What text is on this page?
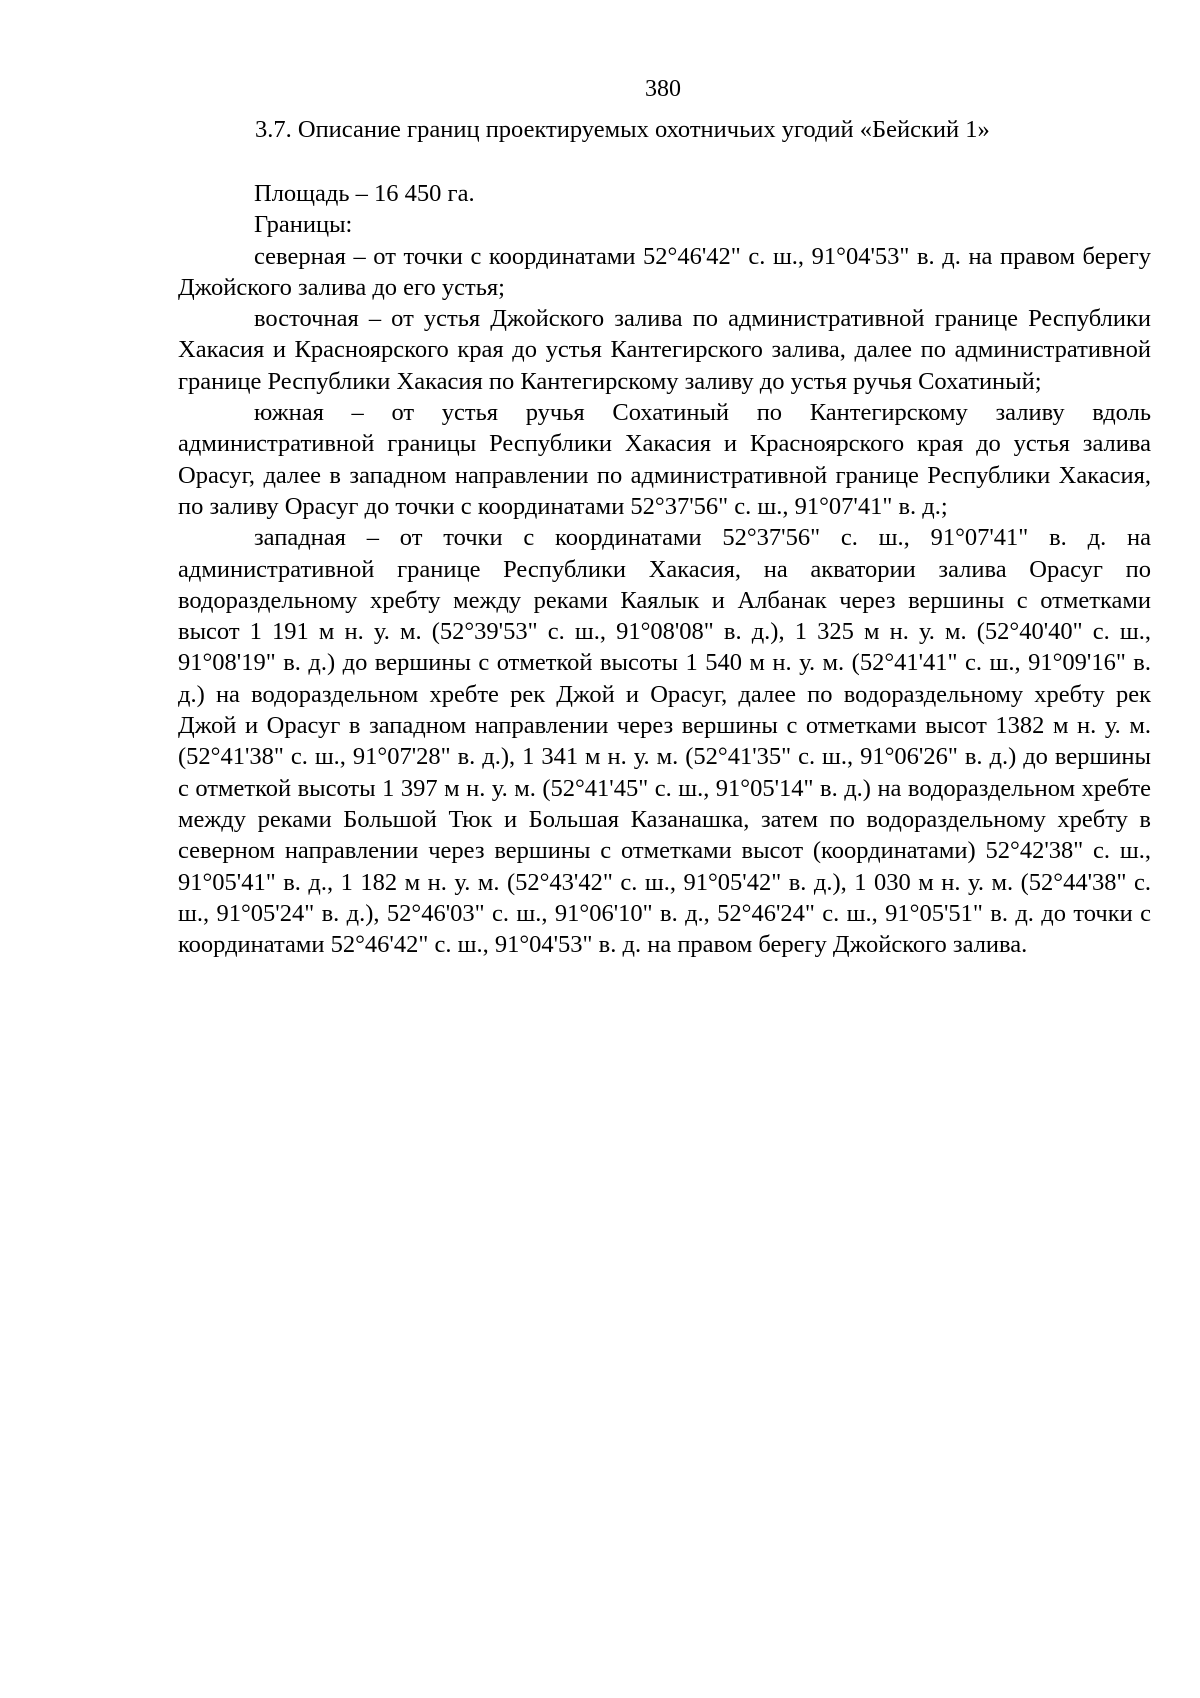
380
3.7. Описание границ проектируемых охотничьих угодий «Бейский 1»

Площадь – 16 450 га.

Границы:

северная – от точки с координатами 52°46'42" с. ш., 91°04'53" в. д. на правом берегу Джойского залива до его устья;

восточная – от устья Джойского залива по административной границе Республики Хакасия и Красноярского края до устья Кантегирского залива, далее по административной границе Республики Хакасия по Кантегирскому заливу до устья ручья Сохатиный;

южная – от устья ручья Сохатиный по Кантегирскому заливу вдоль административной границы Республики Хакасия и Красноярского края до устья залива Орасуг, далее в западном направлении по административной границе Республики Хакасия, по заливу Орасуг до точки с координатами 52°37'56" с. ш., 91°07'41" в. д.;

западная – от точки с координатами 52°37'56" с. ш., 91°07'41" в. д. на административной границе Республики Хакасия, на акватории залива Орасуг по водораздельному хребту между реками Каялык и Албанак через вершины с отметками высот 1 191 м н. у. м. (52°39'53" с. ш., 91°08'08" в. д.), 1 325 м н. у. м. (52°40'40" с. ш., 91°08'19" в. д.) до вершины с отметкой высоты 1 540 м н. у. м. (52°41'41" с. ш., 91°09'16" в. д.) на водораздельном хребте рек Джой и Орасуг, далее по водораздельному хребту рек Джой и Орасуг в западном направлении через вершины с отметками высот 1382 м н. у. м. (52°41'38" с. ш., 91°07'28" в. д.), 1 341 м н. у. м. (52°41'35" с. ш., 91°06'26" в. д.) до вершины с отметкой высоты 1 397 м н. у. м. (52°41'45" с. ш., 91°05'14" в. д.) на водораздельном хребте между реками Большой Тюк и Большая Казанашка, затем по водораздельному хребту в северном направлении через вершины с отметками высот (координатами) 52°42'38" с. ш., 91°05'41" в. д., 1 182 м н. у. м. (52°43'42" с. ш., 91°05'42" в. д.), 1 030 м н. у. м. (52°44'38" с. ш., 91°05'24" в. д.), 52°46'03" с. ш., 91°06'10" в. д., 52°46'24" с. ш., 91°05'51" в. д. до точки с координатами 52°46'42" с. ш., 91°04'53" в. д. на правом берегу Джойского залива.
